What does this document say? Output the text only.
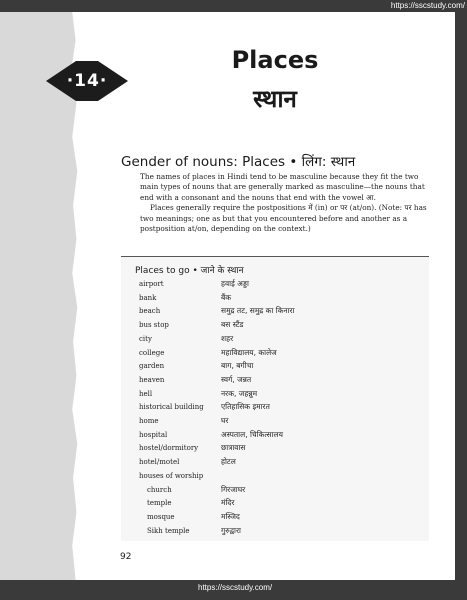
https://sscstudy.com/
· 14 ·
Places
स्थान
Gender of nouns: Places • लिंग: स्थान

The names of places in Hindi tend to be masculine because they fit the two main types of nouns that are generally marked as masculine—the nouns that end with a consonant and the nouns that end with the vowel आ.

Places generally require the postpositions में (in) or पर (at/on). (Note: पर has two meanings; one as but that you encountered before and another as a postposition at/on, depending on the context.)

Places to go • जाने के स्थान
airport	हवाई अड्डा
bank	बैंक
beach	समुद्र तट, समुद्र का किनारा
bus stop	बस स्टैंड
city	शहर
college	महाविद्यालय, कालेज
garden	बाग, बगीचा
heaven	स्वर्ग, जन्नत
hell	नरक, जहन्नुम
historical building एतिहासिक इमारत
home	घर
hospital	अस्पताल, चिकित्सालय
hostel/dormitory	छात्रावास
hotel/motel	होटल
houses of worship
church	गिरजाघर
temple	मंदिर
mosque	मस्जिद
Sikh temple	गुरुद्वारा
92
https://sscstudy.com/
